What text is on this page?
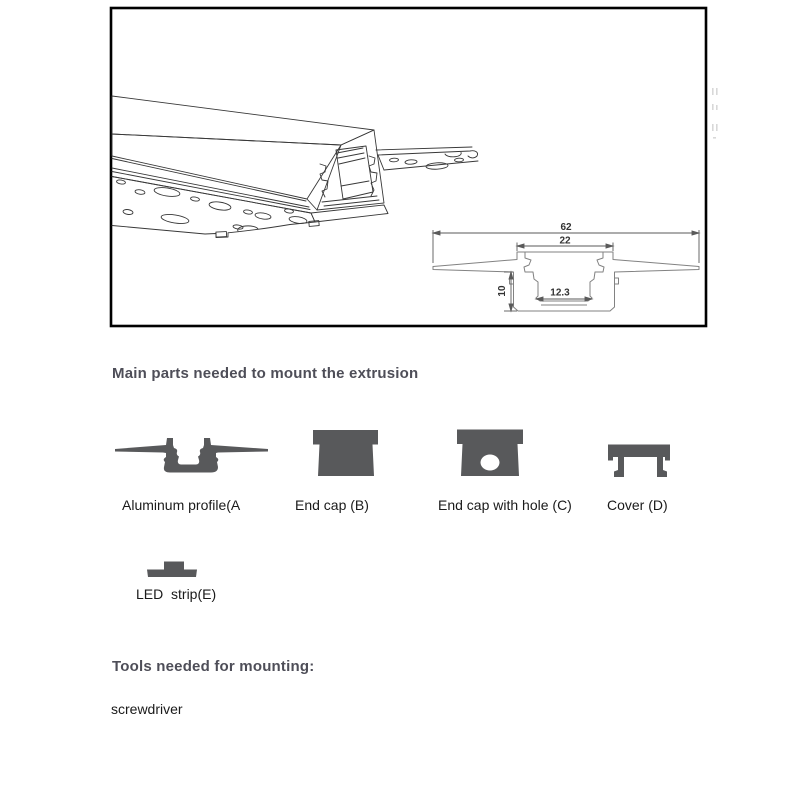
62
22
12.3
10
Main parts needed to mount the extrusion
Aluminum profile(A	End cap (B)	End cap with hole (C)	Cover (D)
LED  strip(E)
Tools needed for mounting:
screwdriver
